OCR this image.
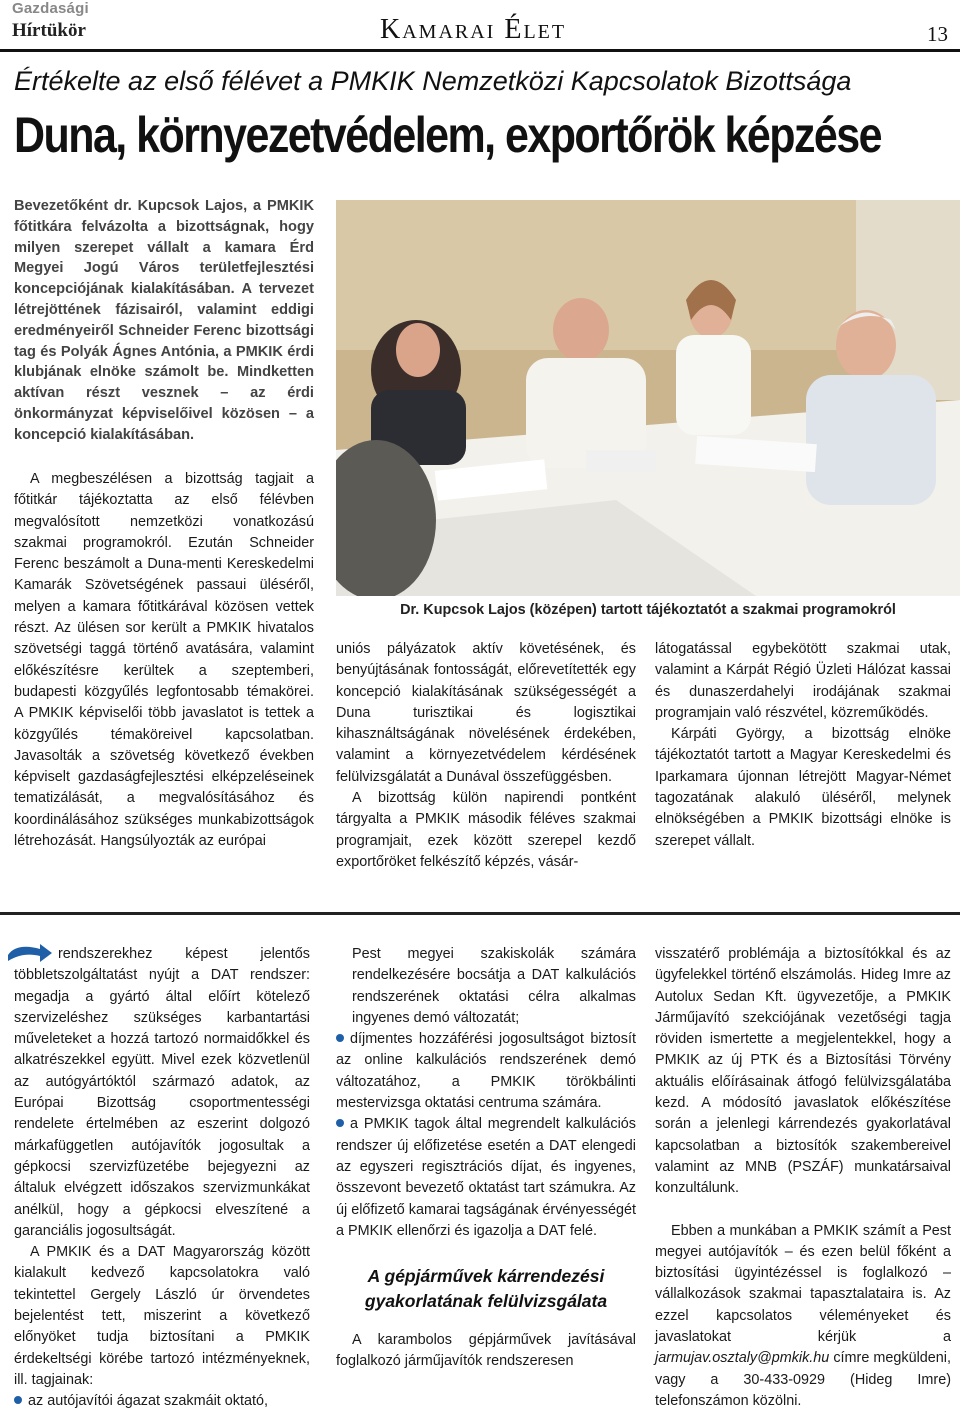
Gazdasági
Hírtükör	Kamarai Élet	13
Értékelte az első félévet a PMKIK Nemzetközi Kapcsolatok Bizottsága
Duna, környezetvédelem, exportőrök képzése
Bevezetőként dr. Kupcsok Lajos, a PMKIK főtitkára felvázolta a bizottságnak, hogy milyen szerepet vállalt a kamara Érd Megyei Jogú Város területfejlesztési koncepciójának kialakításában. A tervezet létrejöttének fázisairól, valamint eddigi eredményeiről Schneider Ferenc bizottsági tag és Polyák Ágnes Antónia, a PMKIK érdi klubjának elnöke számolt be. Mindketten aktívan részt vesznek – az érdi önkormányzat képviselőivel közösen – a koncepció kialakításában.

A megbeszélésen a bizottság tagjait a főtitkár tájékoztatta az első félévben megvalósított nemzetközi vonatkozású szakmai programokról. Ezután Schneider Ferenc beszámolt a Duna-menti Kereskedelmi Kamarák Szövetségének passaui üléséről, melyen a kamara főtitkárával közösen vettek részt. Az ülésen sor került a PMKIK hivatalos szövetségi taggá történő avatására, valamint előkészítésre kerültek a szeptemberi, budapesti közgyűlés legfontosabb témakörei. A PMKIK képviselői több javaslatot is tettek a közgyűlés témaköreivel kapcsolatban. Javasolták a szövetség következő években képviselt gazdaságfejlesztési elképzeléseinek tematizálását, a megvalósításához és koordinálásához szükséges munkabizottságok létrehozását. Hangsúlyozták az európai

Dr. Kupcsok Lajos (középen) tartott tájékoztatót a szakmai programokról

uniós pályázatok aktív követésének, és benyújtásának fontosságát, előrevetítették egy koncepció kialakításának szükségességét a Duna turisztikai és logisztikai kihasználtságának növelésének érdekében, valamint a környezetvédelem kérdésének felülvizsgálatát a Dunával összefüggésben.

A bizottság külön napirendi pontként tárgyalta a PMKIK második féléves szakmai programjait, ezek között szerepel kezdő exportőröket felkészítő képzés, vásár-

látogatással egybekötött szakmai utak, valamint a Kárpát Régió Üzleti Hálózat kassai és dunaszerdahelyi irodájának szakmai programjain való részvétel, közreműködés.

Kárpáti György, a bizottság elnöke tájékoztatót tartott a Magyar Kereskedelmi és Iparkamara újonnan létrejött Magyar-Német tagozatának alakuló üléséről, melynek elnökségében a PMKIK bizottsági elnöke is szerepet vállalt.

rendszerekhez képest jelentős többletszolgáltatást nyújt a DAT rendszer: megadja a gyártó által előírt kötelező szervizeléshez szükséges karbantartási műveleteket a hozzá tartozó normaidőkkel és alkatrészekkel együtt. Mivel ezek közvetlenül az autógyártóktól származó adatok, az Európai Bizottság csoportmentességi rendelete értelmében az eszerint dolgozó márkafüggetlen autójavítók jogosultak a gépkocsi szervizfüzetébe bejegyezni az általuk elvégzett időszakos szervizmunkákat anélkül, hogy a gépkocsi elveszítené a garanciális jogosultságát.

A PMKIK és a DAT Magyarország között kialakult kedvező kapcsolatokra való tekintettel Gergely László úr örvendetes bejelentést tett, miszerint a következő előnyöket tudja biztosítani a PMKIK érdekeltségi körébe tartozó intézményeknek, ill. tagjainak:

az autójavítói ágazat szakmáit oktató,

Pest megyei szakiskolák számára rendelkezésére bocsátja a DAT kalkulációs rendszerének oktatási célra alkalmas ingyenes demó változatát;

díjmentes hozzáférési jogosultságot biztosít az online kalkulációs rendszerének demó változatához, a PMKIK törökbálinti mestervizsga oktatási centruma számára.

a PMKIK tagok által megrendelt kalkulációs rendszer új előfizetése esetén a DAT elengedi az egyszeri regisztrációs díjat, és ingyenes, összevont bevezető oktatást tart számukra. Az új előfizető kamarai tagságának érvényességét a PMKIK ellenőrzi és igazolja a DAT felé.

A gépjárművek kárrendezési gyakorlatának felülvizsgálata

A karambolos gépjárművek javításával foglalkozó járműjavítók rendszeresen

visszatérő problémája a biztosítókkal és az ügyfelekkel történő elszámolás. Hideg Imre az Autolux Sedan Kft. ügyvezetője, a PMKIK Járműjavító szekciójának vezetőségi tagja röviden ismertette a megjelentekkel, hogy a PMKIK az új PTK és a Biztosítási Törvény aktuális előírásainak átfogó felülvizsgálatába kezd. A módosító javaslatok előkészítése során a jelenlegi kárrendezés gyakorlatával kapcsolatban a biztosítók szakembereivel valamint az MNB (PSZÁF) munkatársaival konzultálunk.

Ebben a munkában a PMKIK számít a Pest megyei autójavítók – és ezen belül főként a biztosítási ügyintézéssel is foglalkozó – vállalkozások szakmai tapasztalataira is. Az ezzel kapcsolatos véleményeket és javaslatokat kérjük a jarmujav.osztaly@pmkik.hu címre megküldeni, vagy a 30-433-0929 (Hideg Imre) telefonszámon közölni.
